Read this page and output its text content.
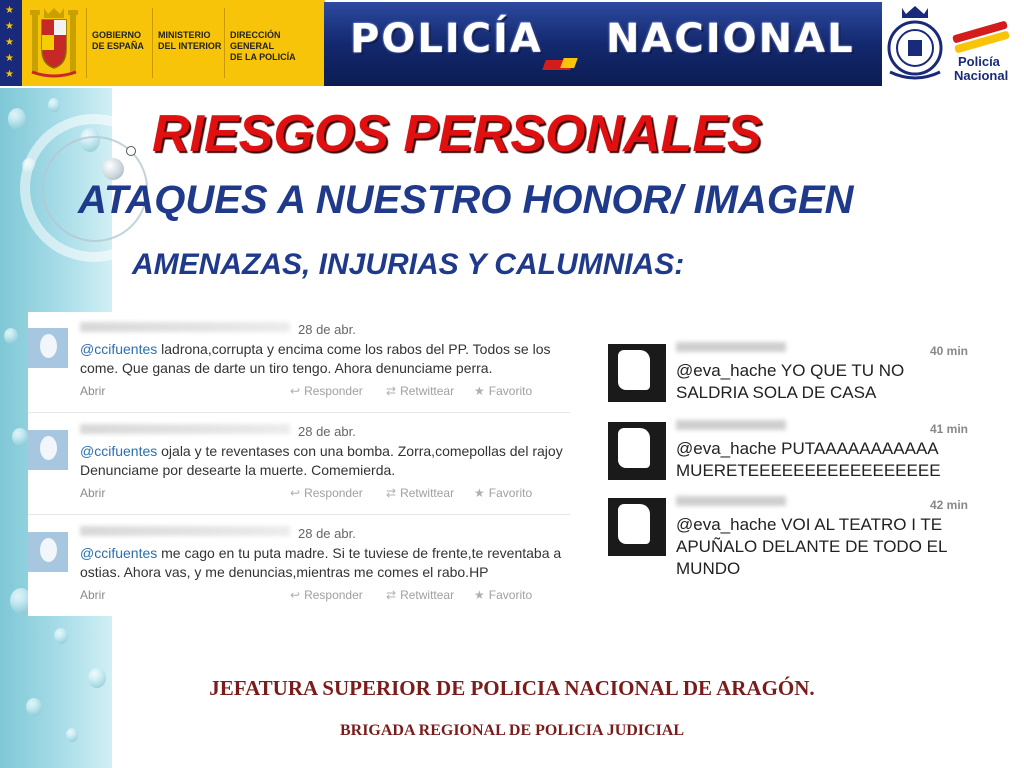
★
★
★
★
★
GOBIERNO
DE ESPAÑA
MINISTERIO
DEL INTERIOR
DIRECCIÓN GENERAL
DE LA POLICÍA	POLICÍA NACIONAL	Policía
Nacional
RIESGOS PERSONALES
ATAQUES A NUESTRO HONOR/ IMAGEN
AMENAZAS, INJURIAS Y CALUMNIAS:
28 de abr.
@ccifuentes ladrona,corrupta y encima come los rabos del PP. Todos se los
come. Que ganas de darte un tiro tengo. Ahora denunciame perra.
Abrir	↩ Responder ⇄ Retwittear ★ Favorito
28 de abr.
@ccifuentes ojala y te reventases con una bomba. Zorra,comepollas del rajoy
Denunciame por desearte la muerte. Comemierda.
Abrir	↩ Responder ⇄ Retwittear ★ Favorito
28 de abr.
@ccifuentes me cago en tu puta madre. Si te tuviese de frente,te reventaba a
ostias. Ahora vas, y me denuncias,mientras me comes el rabo.HP
Abrir	↩ Responder ⇄ Retwittear ★ Favorito
40 min
@eva_hache YO QUE TU NO
SALDRIA SOLA DE CASA
41 min
@eva_hache PUTAAAAAAAAAAA
MUERETEEEEEEEEEEEEEEEEE
42 min
@eva_hache VOI AL TEATRO I TE
APUÑALO DELANTE DE TODO EL
MUNDO
JEFATURA SUPERIOR DE POLICIA NACIONAL DE ARAGÓN.
BRIGADA REGIONAL DE POLICIA JUDICIAL
